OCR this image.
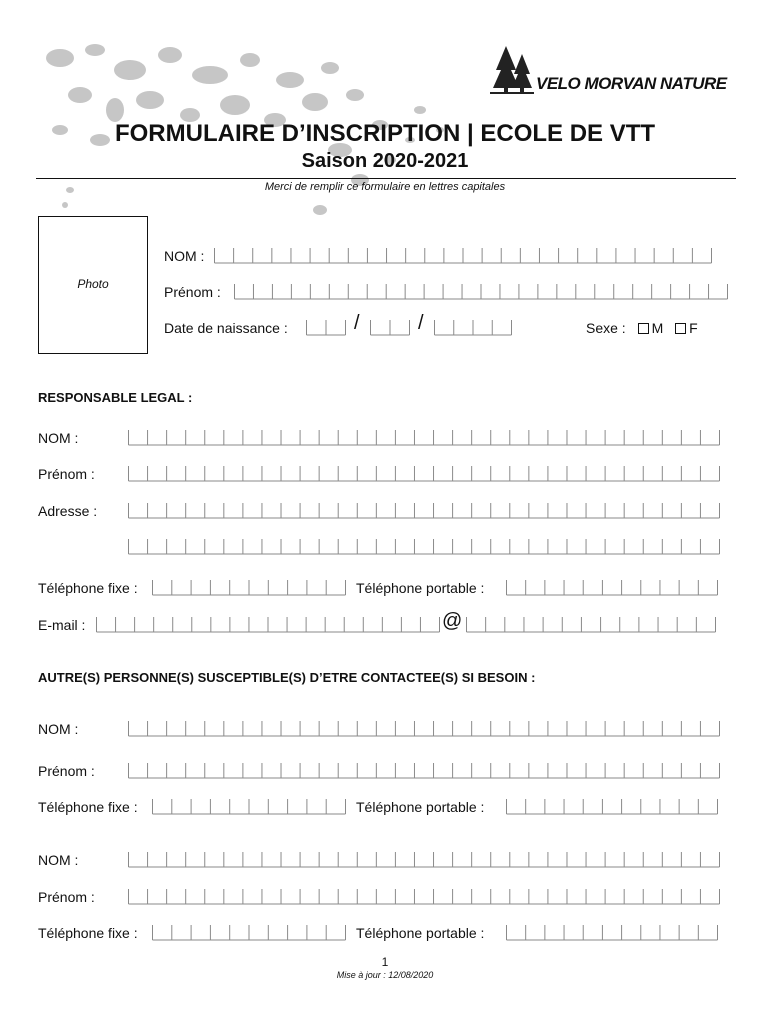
VELO MORVAN NATURE
FORMULAIRE D’INSCRIPTION | ECOLE DE VTT
Saison 2020-2021
Merci de remplir ce formulaire en lettres capitales
Photo
NOM :
Prénom :
Date de naissance :	/	/	Sexe : M F
RESPONSABLE LEGAL :
NOM :
Prénom :
Adresse :
Téléphone fixe :	Téléphone portable :
E-mail :	@
AUTRE(S) PERSONNE(S) SUSCEPTIBLE(S) D’ETRE CONTACTEE(S) SI BESOIN :
NOM :
Prénom :
Téléphone fixe :	Téléphone portable :
NOM :
Prénom :
Téléphone fixe :	Téléphone portable :
1
Mise à jour : 12/08/2020
